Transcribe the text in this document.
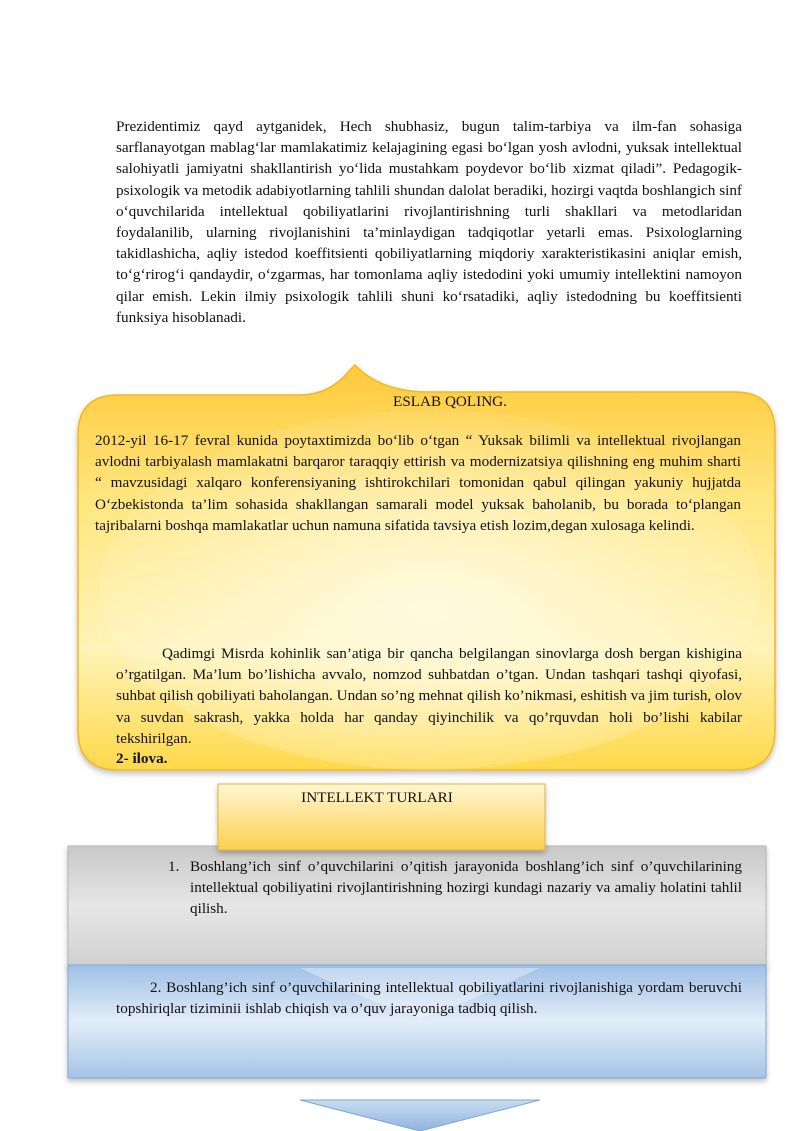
Prezidentimiz qayd aytganidek, Hech shubhasiz, bugun talim-tarbiya va ilm-fan sohasiga sarflanayotgan mablag‘lar mamlakatimiz kelajagining egasi bo‘lgan yosh avlodni, yuksak intellektual salohiyatli jamiyatni shakllantirish yo‘lida mustahkam poydevor bo‘lib xizmat qiladi”. Pedagogik-psixologik va metodik adabiyotlarning tahlili shundan dalolat beradiki, hozirgi vaqtda boshlangich sinf o‘quvchilarida intellektual qobiliyatlarini rivojlantirishning turli shakllari va metodlaridan foydalanilib, ularning rivojlanishini ta’minlaydigan tadqiqotlar yetarli emas. Psixologlarning takidlashicha, aqliy istedod koeffitsienti qobiliyatlarning miqdoriy xarakteristikasini aniqlar emish, to‘g‘rirog‘i qandaydir, o‘zgarmas, har tomonlama aqliy istedodini yoki umumiy intellektini namoyon qilar emish. Lekin ilmiy psixologik tahlili shuni ko‘rsatadiki, aqliy istedodning bu koeffitsienti funksiya hisoblanadi.

ESLAB QOLING.

2012-yil 16-17 fevral kunida poytaxtimizda bo‘lib o‘tgan “ Yuksak bilimli va intellektual rivojlangan avlodni tarbiyalash mamlakatni barqaror taraqqiy ettirish va modernizatsiya qilishning eng muhim sharti “ mavzusidagi xalqaro konferensiyaning ishtirokchilari tomonidan qabul qilingan yakuniy hujjatda O‘zbekistonda ta’lim sohasida shakllangan samarali model yuksak baholanib, bu borada to‘plangan tajribalarni boshqa mamlakatlar uchun namuna sifatida tavsiya etish lozim,degan xulosaga kelindi.

Qadimgi Misrda kohinlik san’atiga bir qancha belgilangan sinovlarga dosh bergan kishigina o’rgatilgan. Ma’lum bo’lishicha avvalo, nomzod suhbatdan o’tgan. Undan tashqari tashqi qiyofasi, suhbat qilish qobiliyati baholangan. Undan so’ng mehnat qilish ko’nikmasi, eshitish va jim turish, olov va suvdan sakrash, yakka holda har qanday qiyinchilik va qo’rquvdan holi bo’lishi kabilar tekshirilgan.

2- ilova.
INTELLEKT TURLARI
1. Boshlang’ich sinf o’quvchilarini o’qitish jarayonida boshlang’ich sinf o’quvchilarining intellektual qobiliyatini rivojlantirishning hozirgi kundagi nazariy va amaliy holatini tahlil qilish.

2. Boshlang’ich sinf o’quvchilarining intellektual qobiliyatlarini rivojlanishiga yordam beruvchi topshiriqlar tiziminii ishlab chiqish va o’quv jarayoniga tadbiq qilish.
